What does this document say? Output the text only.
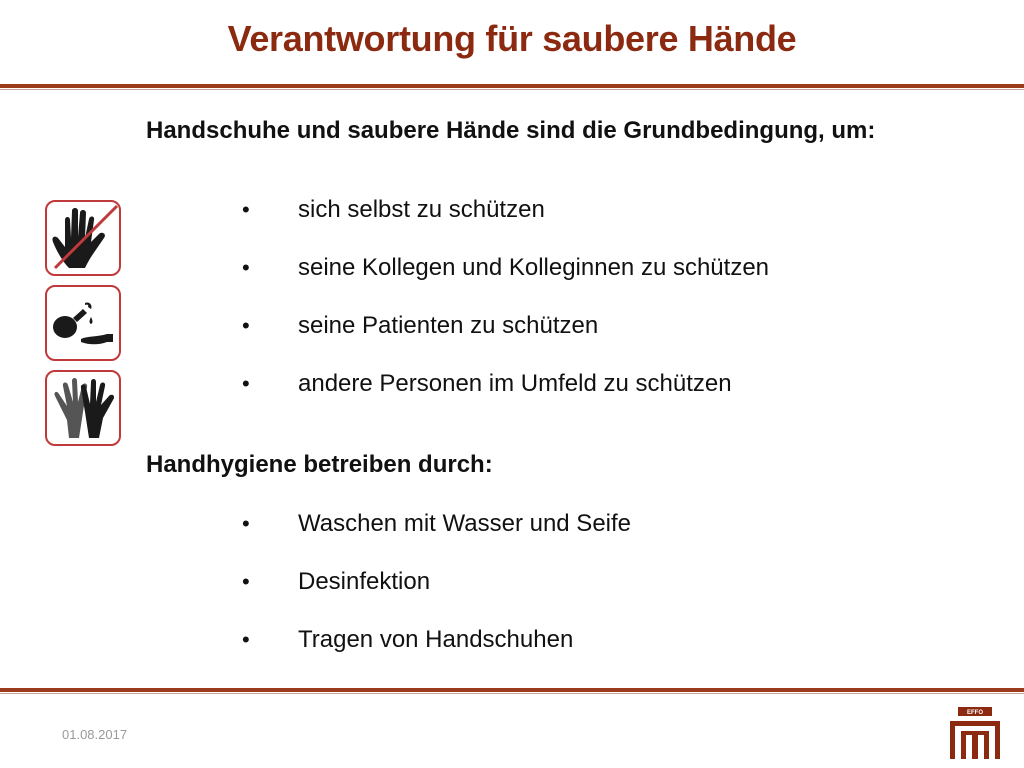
Verantwortung für saubere Hände
Handschuhe und saubere Hände sind die Grundbedingung, um:
• sich selbst zu schützen
• seine Kollegen und Kolleginnen zu schützen
• seine Patienten zu schützen
• andere Personen im Umfeld zu schützen
Handhygiene betreiben durch:
• Waschen mit Wasser und Seife
• Desinfektion
• Tragen von Handschuhen
01.08.2017
EFFO
